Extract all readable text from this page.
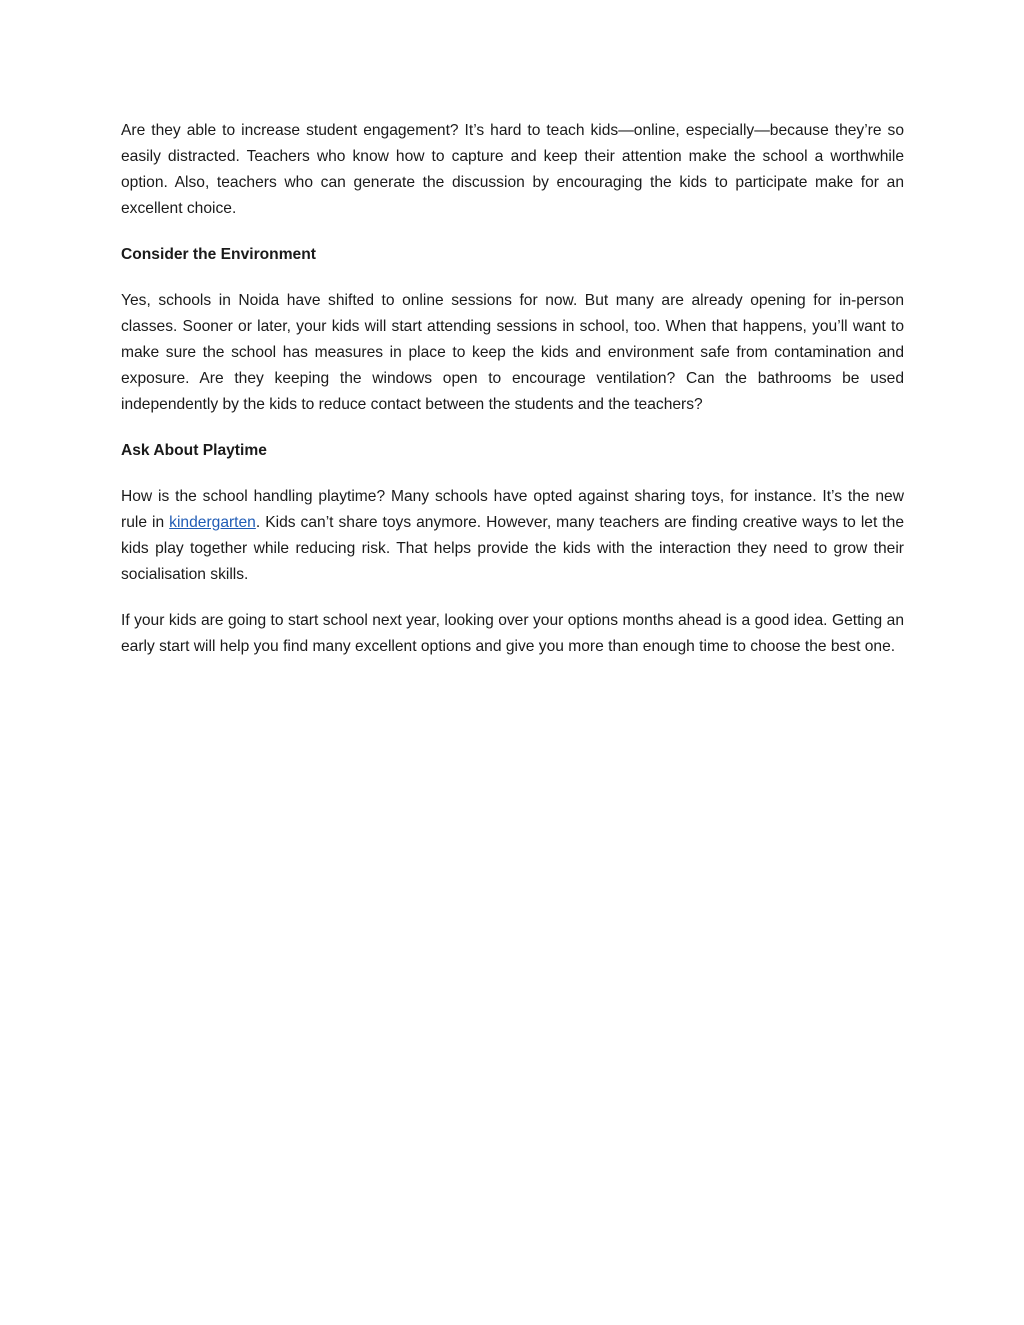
Are they able to increase student engagement? It’s hard to teach kids—online, especially—because they’re so easily distracted. Teachers who know how to capture and keep their attention make the school a worthwhile option. Also, teachers who can generate the discussion by encouraging the kids to participate make for an excellent choice.

Consider the Environment

Yes, schools in Noida have shifted to online sessions for now. But many are already opening for in-person classes. Sooner or later, your kids will start attending sessions in school, too. When that happens, you’ll want to make sure the school has measures in place to keep the kids and environment safe from contamination and exposure. Are they keeping the windows open to encourage ventilation? Can the bathrooms be used independently by the kids to reduce contact between the students and the teachers?

Ask About Playtime

How is the school handling playtime? Many schools have opted against sharing toys, for instance. It’s the new rule in kindergarten. Kids can’t share toys anymore. However, many teachers are finding creative ways to let the kids play together while reducing risk. That helps provide the kids with the interaction they need to grow their socialisation skills.

If your kids are going to start school next year, looking over your options months ahead is a good idea. Getting an early start will help you find many excellent options and give you more than enough time to choose the best one.
